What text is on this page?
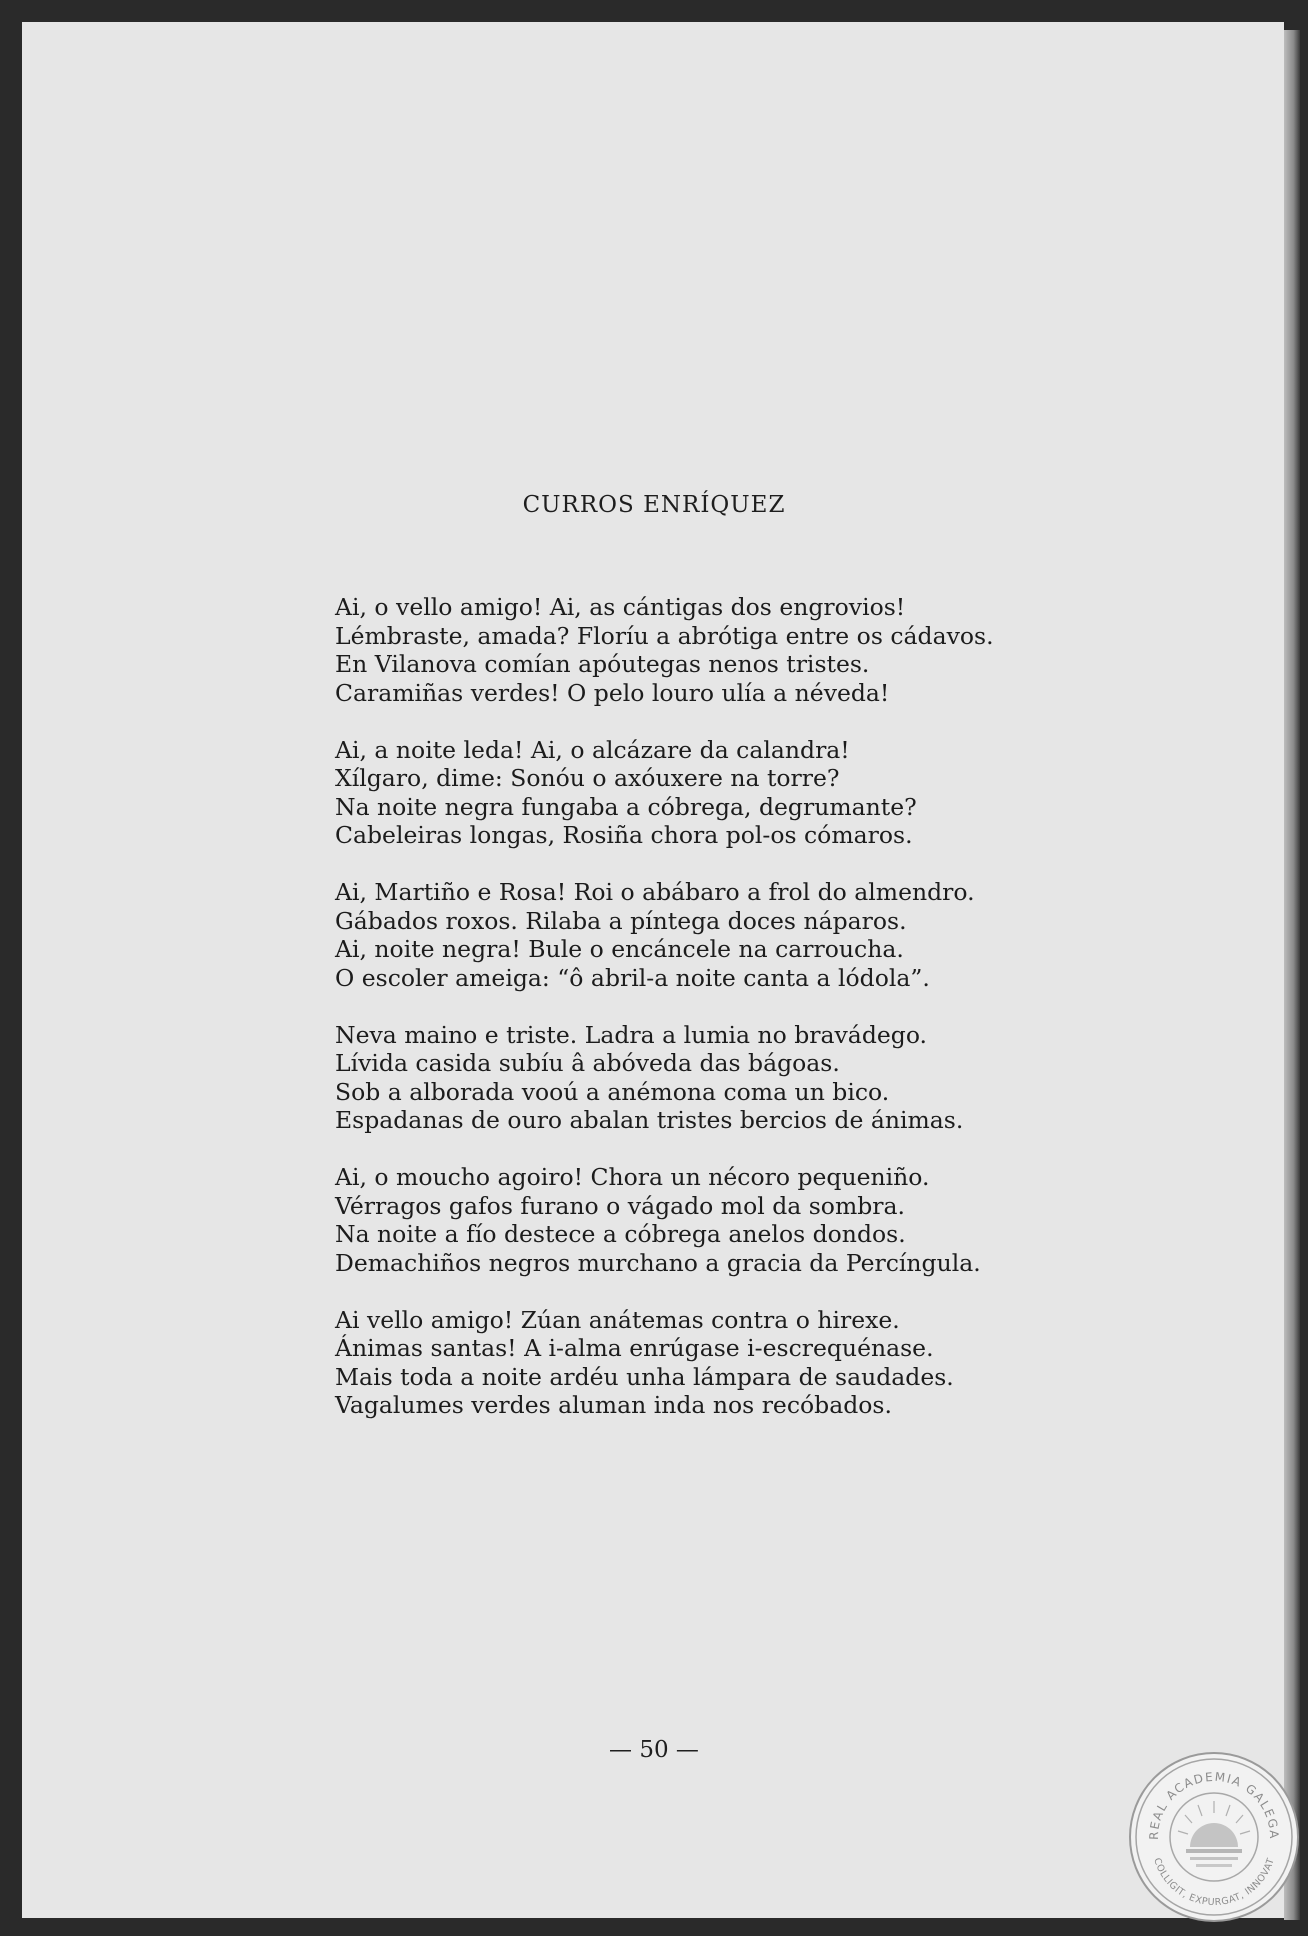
CURROS ENRÍQUEZ
Ai, o vello amigo! Ai, as cántigas dos engrovios!
Lémbraste, amada? Floríu a abrótiga entre os cádavos.
En Vilanova comían apóutegas nenos tristes.
Caramiñas verdes! O pelo louro ulía a néveda!
Ai, a noite leda! Ai, o alcázare da calandra!
Xílgaro, dime: Sonóu o axóuxere na torre?
Na noite negra fungaba a cóbrega, degrumante?
Cabeleiras longas, Rosiña chora pol-os cómaros.
Ai, Martiño e Rosa! Roi o abábaro a frol do almendro.
Gábados roxos. Rilaba a píntega doces náparos.
Ai, noite negra! Bule o encáncele na carroucha.
O escoler ameiga: “ô abril-a noite canta a lódola”.
Neva maino e triste. Ladra a lumia no bravádego.
Lívida casida subíu â abóveda das bágoas.
Sob a alborada vooú a anémona coma un bico.
Espadanas de ouro abalan tristes bercios de ánimas.
Ai, o moucho agoiro! Chora un nécoro pequeniño.
Vérragos gafos furano o vágado mol da sombra.
Na noite a fío destece a cóbrega anelos dondos.
Demachiños negros murchano a gracia da Percíngula.
Ai vello amigo! Zúan anátemas contra o hirexe.
Ánimas santas! A i-alma enrúgase i-escrequénase.
Mais toda a noite ardéu unha lámpara de saudades.
Vagalumes verdes aluman inda nos recóbados.
— 50 —
REAL ACADEMIA GALEGA
COLLIGIT, EXPURGAT, INNOVAT
